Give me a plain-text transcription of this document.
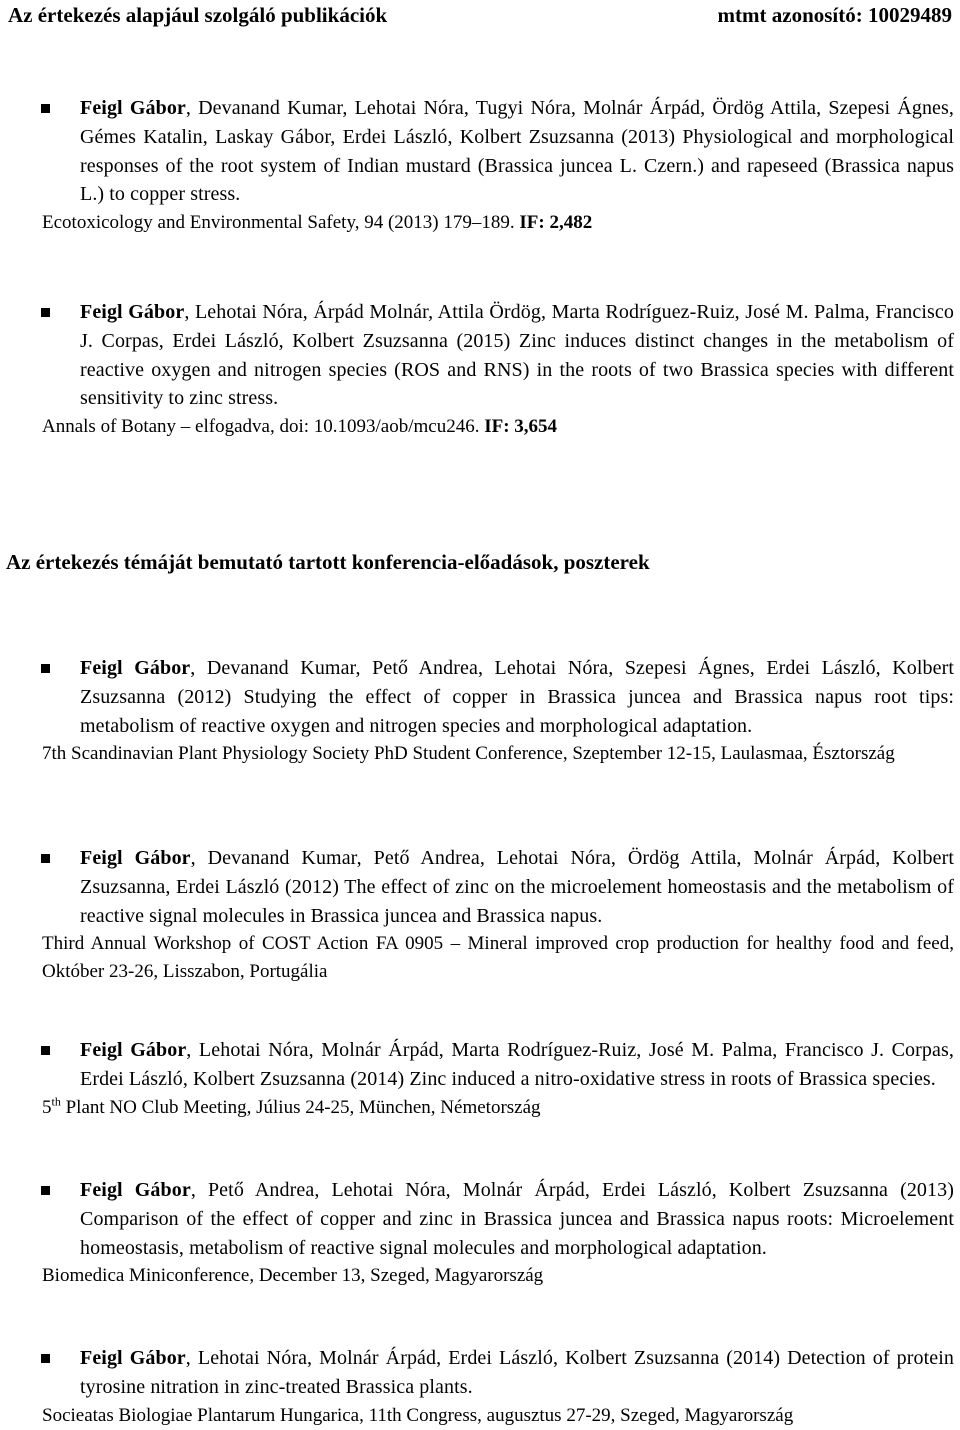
Az értekezés alapjául szolgáló publikációk	mtmt azonosító: 10029489
Feigl Gábor, Devanand Kumar, Lehotai Nóra, Tugyi Nóra, Molnár Árpád, Ördög Attila, Szepesi Ágnes, Gémes Katalin, Laskay Gábor, Erdei László, Kolbert Zsuzsanna (2013) Physiological and morphological responses of the root system of Indian mustard (Brassica juncea L. Czern.) and rapeseed (Brassica napus L.) to copper stress.
Ecotoxicology and Environmental Safety, 94 (2013) 179–189. IF: 2,482
Feigl Gábor, Lehotai Nóra, Árpád Molnár, Attila Ördög, Marta Rodríguez-Ruiz, José M. Palma, Francisco J. Corpas, Erdei László, Kolbert Zsuzsanna (2015) Zinc induces distinct changes in the metabolism of reactive oxygen and nitrogen species (ROS and RNS) in the roots of two Brassica species with different sensitivity to zinc stress.
Annals of Botany – elfogadva, doi: 10.1093/aob/mcu246. IF: 3,654
Az értekezés témáját bemutató tartott konferencia-előadások, poszterek
Feigl Gábor, Devanand Kumar, Pető Andrea, Lehotai Nóra, Szepesi Ágnes, Erdei László, Kolbert Zsuzsanna (2012) Studying the effect of copper in Brassica juncea and Brassica napus root tips: metabolism of reactive oxygen and nitrogen species and morphological adaptation.
7th Scandinavian Plant Physiology Society PhD Student Conference, Szeptember 12-15, Laulasmaa, Észtország
Feigl Gábor, Devanand Kumar, Pető Andrea, Lehotai Nóra, Ördög Attila, Molnár Árpád, Kolbert Zsuzsanna, Erdei László (2012) The effect of zinc on the microelement homeostasis and the metabolism of reactive signal molecules in Brassica juncea and Brassica napus.
Third Annual Workshop of COST Action FA 0905 – Mineral improved crop production for healthy food and feed, Október 23-26, Lisszabon, Portugália
Feigl Gábor, Lehotai Nóra, Molnár Árpád, Marta Rodríguez-Ruiz, José M. Palma, Francisco J. Corpas, Erdei László, Kolbert Zsuzsanna (2014) Zinc induced a nitro-oxidative stress in roots of Brassica species.
5th Plant NO Club Meeting, Július 24-25, München, Németország
Feigl Gábor, Pető Andrea, Lehotai Nóra, Molnár Árpád, Erdei László, Kolbert Zsuzsanna (2013) Comparison of the effect of copper and zinc in Brassica juncea and Brassica napus roots: Microelement homeostasis, metabolism of reactive signal molecules and morphological adaptation.
Biomedica Miniconference, December 13, Szeged, Magyarország
Feigl Gábor, Lehotai Nóra, Molnár Árpád, Erdei László, Kolbert Zsuzsanna (2014) Detection of protein tyrosine nitration in zinc-treated Brassica plants.
Socieatas Biologiae Plantarum Hungarica, 11th Congress, augusztus 27-29, Szeged, Magyarország
